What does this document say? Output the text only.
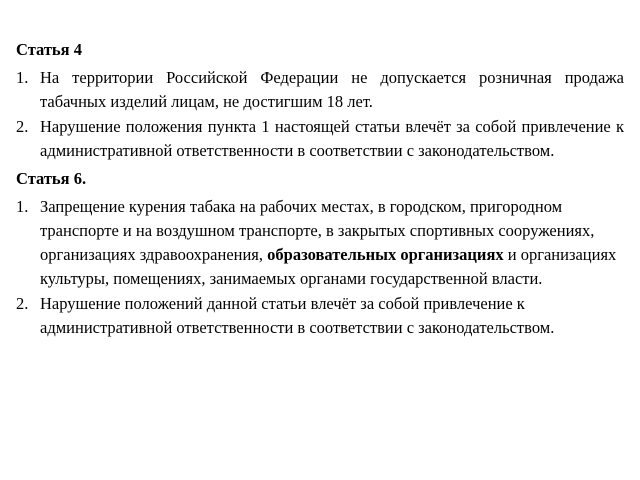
Статья 4
1. На территории Российской Федерации не допускается розничная продажа табачных изделий лицам, не достигшим 18 лет.
2. Нарушение положения пункта 1 настоящей статьи влечёт за собой привлечение к административной ответственности в соответствии с законодательством.
Статья 6.
1. Запрещение курения табака на рабочих местах, в городском, пригородном транспорте и на воздушном транспорте, в закрытых спортивных сооружениях, организациях здравоохранения, образовательных организациях и организациях культуры, помещениях, занимаемых органами государственной власти.
2. Нарушение положений данной статьи влечёт за собой привлечение к административной ответственности в соответствии с законодательством.
